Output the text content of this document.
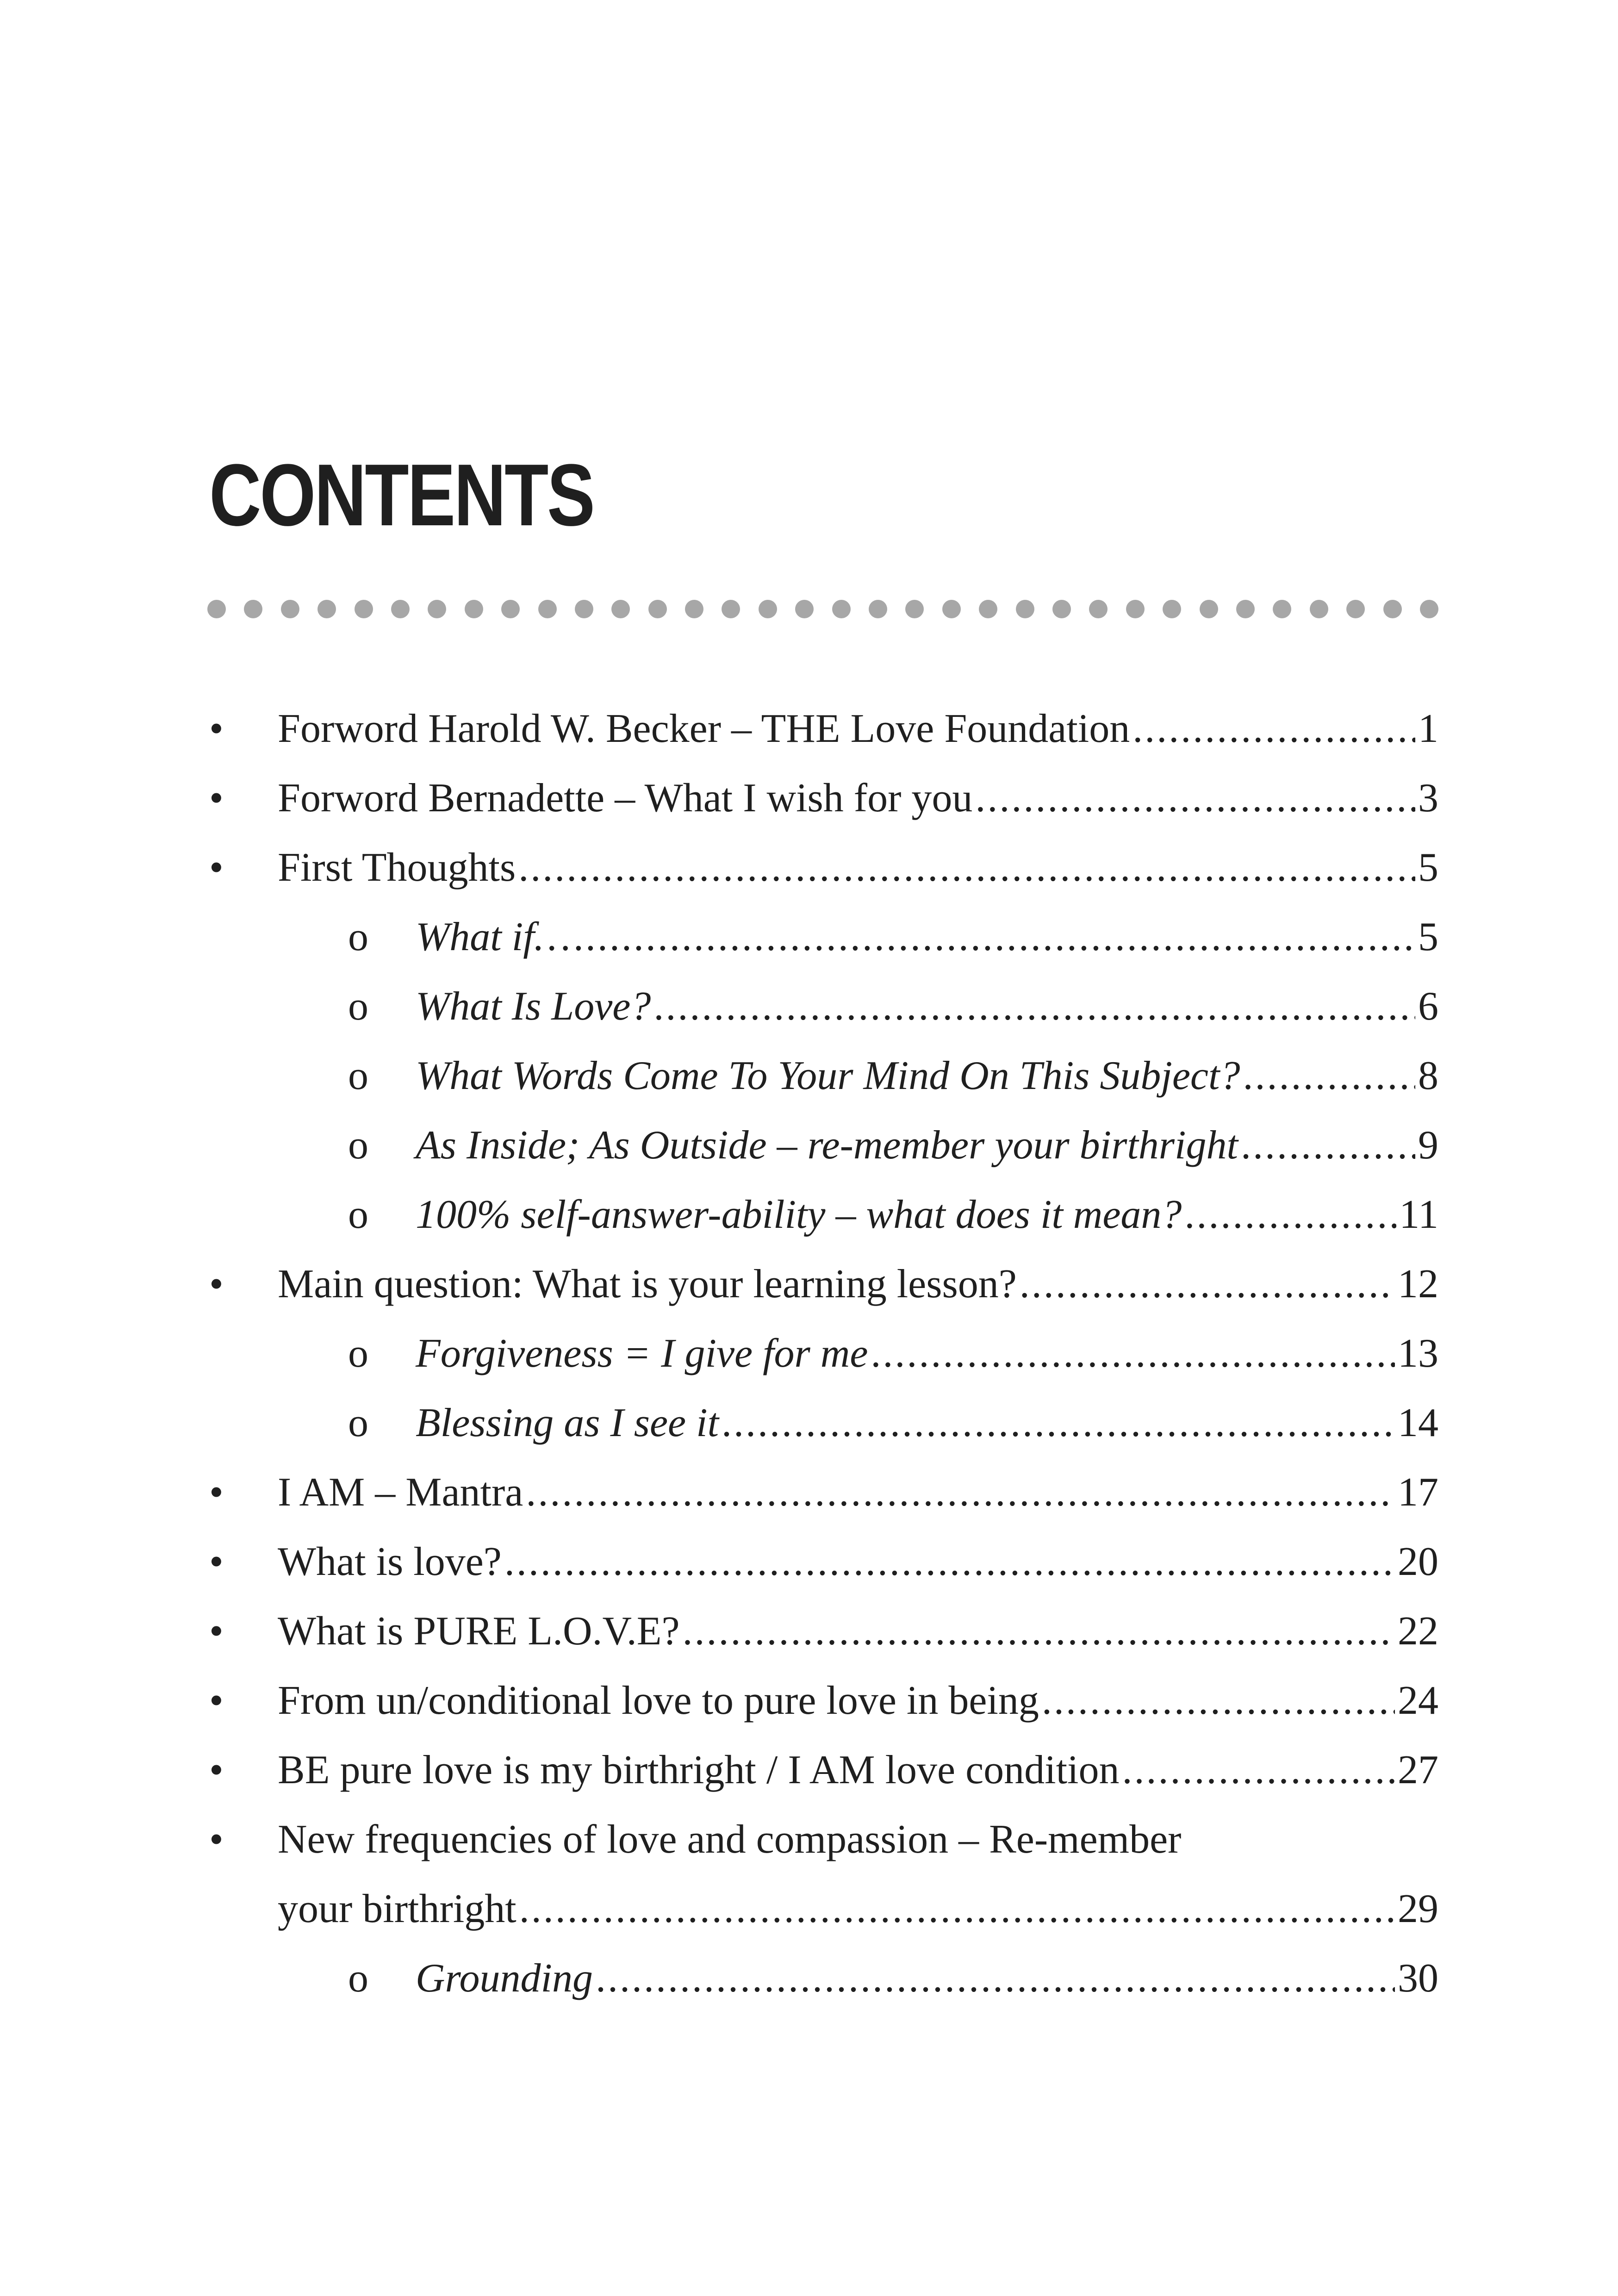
CONTENTS
•	Forword Harold W. Becker – THE Love Foundation .....	1
•	Forword Bernadette – What I wish for you .....	3
•	First Thoughts .....	5
o What if… .....	5
o What Is Love? .....	6
o What Words Come To Your Mind On This Subject? .....	8
o As Inside; As Outside – re-member your birthright .....	9
o 100% self-answer-ability – what does it mean? .....	11
•	Main question: What is your learning lesson? .....	12
o Forgiveness = I give for me .....	13
o Blessing as I see it .....	14
•	I AM – Mantra .....	17
•	What is love? .....	20
•	What is PURE L.O.V.E? .....	22
•	From un/conditional love to pure love in being .....	24
•	BE pure love is my birthright / I AM love condition .....	27
•	New frequencies of love and compassion – Re-member
your birthright .....	29
o Grounding .....	30
